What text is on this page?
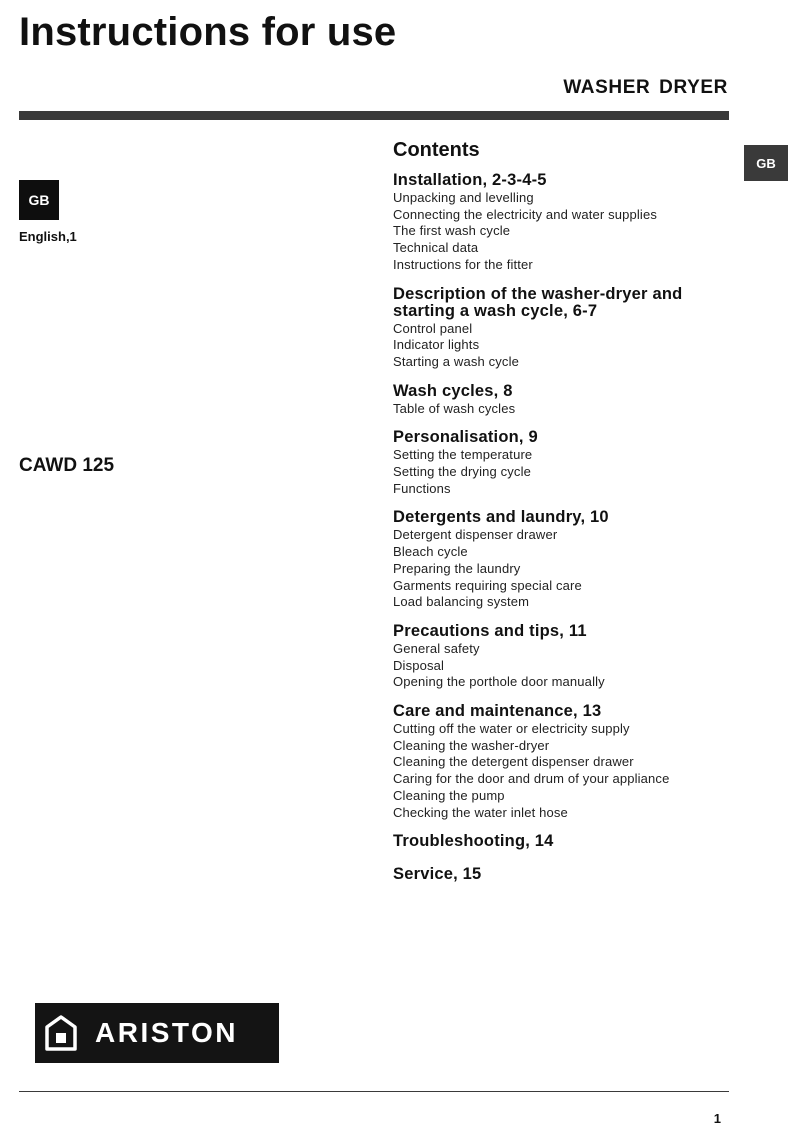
Instructions for use
WASHER DRYER
GB
English,1
CAWD 125
GB
Contents
Installation, 2-3-4-5
Unpacking and levelling
Connecting the electricity and water supplies
The first wash cycle
Technical data
Instructions for the fitter
Description of the washer-dryer and starting a wash cycle, 6-7
Control panel
Indicator lights
Starting a wash cycle
Wash cycles, 8
Table of wash cycles
Personalisation, 9
Setting the temperature
Setting the drying cycle
Functions
Detergents and laundry, 10
Detergent dispenser drawer
Bleach cycle
Preparing the laundry
Garments requiring special care
Load balancing system
Precautions and tips, 11
General safety
Disposal
Opening the porthole door manually
Care and maintenance, 13
Cutting off the water or electricity supply
Cleaning the washer-dryer
Cleaning the detergent dispenser drawer
Caring for the door and drum of your appliance
Cleaning the pump
Checking the water inlet hose
Troubleshooting, 14
Service, 15
ARISTON
1
